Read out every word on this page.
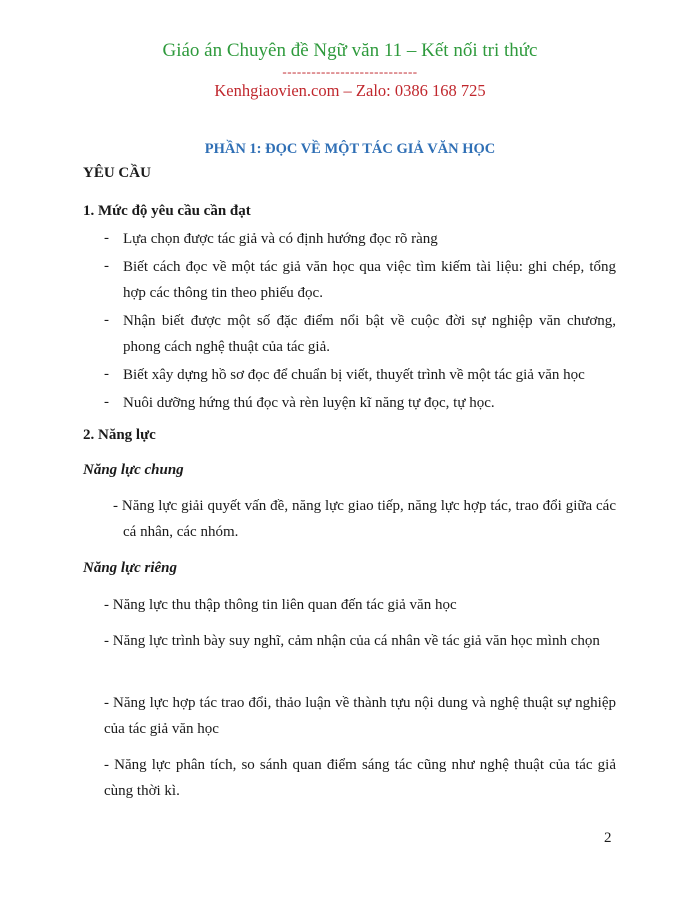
Giáo án Chuyên đề Ngữ văn 11 – Kết nối tri thức
----------------------------
Kenhgiaovien.com – Zalo: 0386 168 725
PHẦN 1: ĐỌC VỀ MỘT TÁC GIẢ VĂN HỌC
YÊU CẦU
1. Mức độ yêu cầu cần đạt
- Lựa chọn được tác giả và có định hướng đọc rõ ràng
- Biết cách đọc về một tác giả văn học qua việc tìm kiếm tài liệu: ghi chép, tổng hợp các thông tin theo phiếu đọc.
- Nhận biết được một số đặc điểm nổi bật về cuộc đời sự nghiệp văn chương, phong cách nghệ thuật của tác giả.
- Biết xây dựng hồ sơ đọc để chuẩn bị viết, thuyết trình về một tác giả văn học
- Nuôi dưỡng hứng thú đọc và rèn luyện kĩ năng tự đọc, tự học.
2. Năng lực
Năng lực chung
- Năng lực giải quyết vấn đề, năng lực giao tiếp, năng lực hợp tác, trao đổi giữa các cá nhân, các nhóm.
Năng lực riêng
- Năng lực thu thập thông tin liên quan đến tác giả văn học
- Năng lực trình bày suy nghĩ, cảm nhận của cá nhân về tác giả văn học mình chọn
- Năng lực hợp tác trao đổi, thảo luận về thành tựu nội dung và nghệ thuật sự nghiệp của tác giả văn học
- Năng lực phân tích, so sánh quan điểm sáng tác cũng như nghệ thuật của tác giả cùng thời kì.
2
